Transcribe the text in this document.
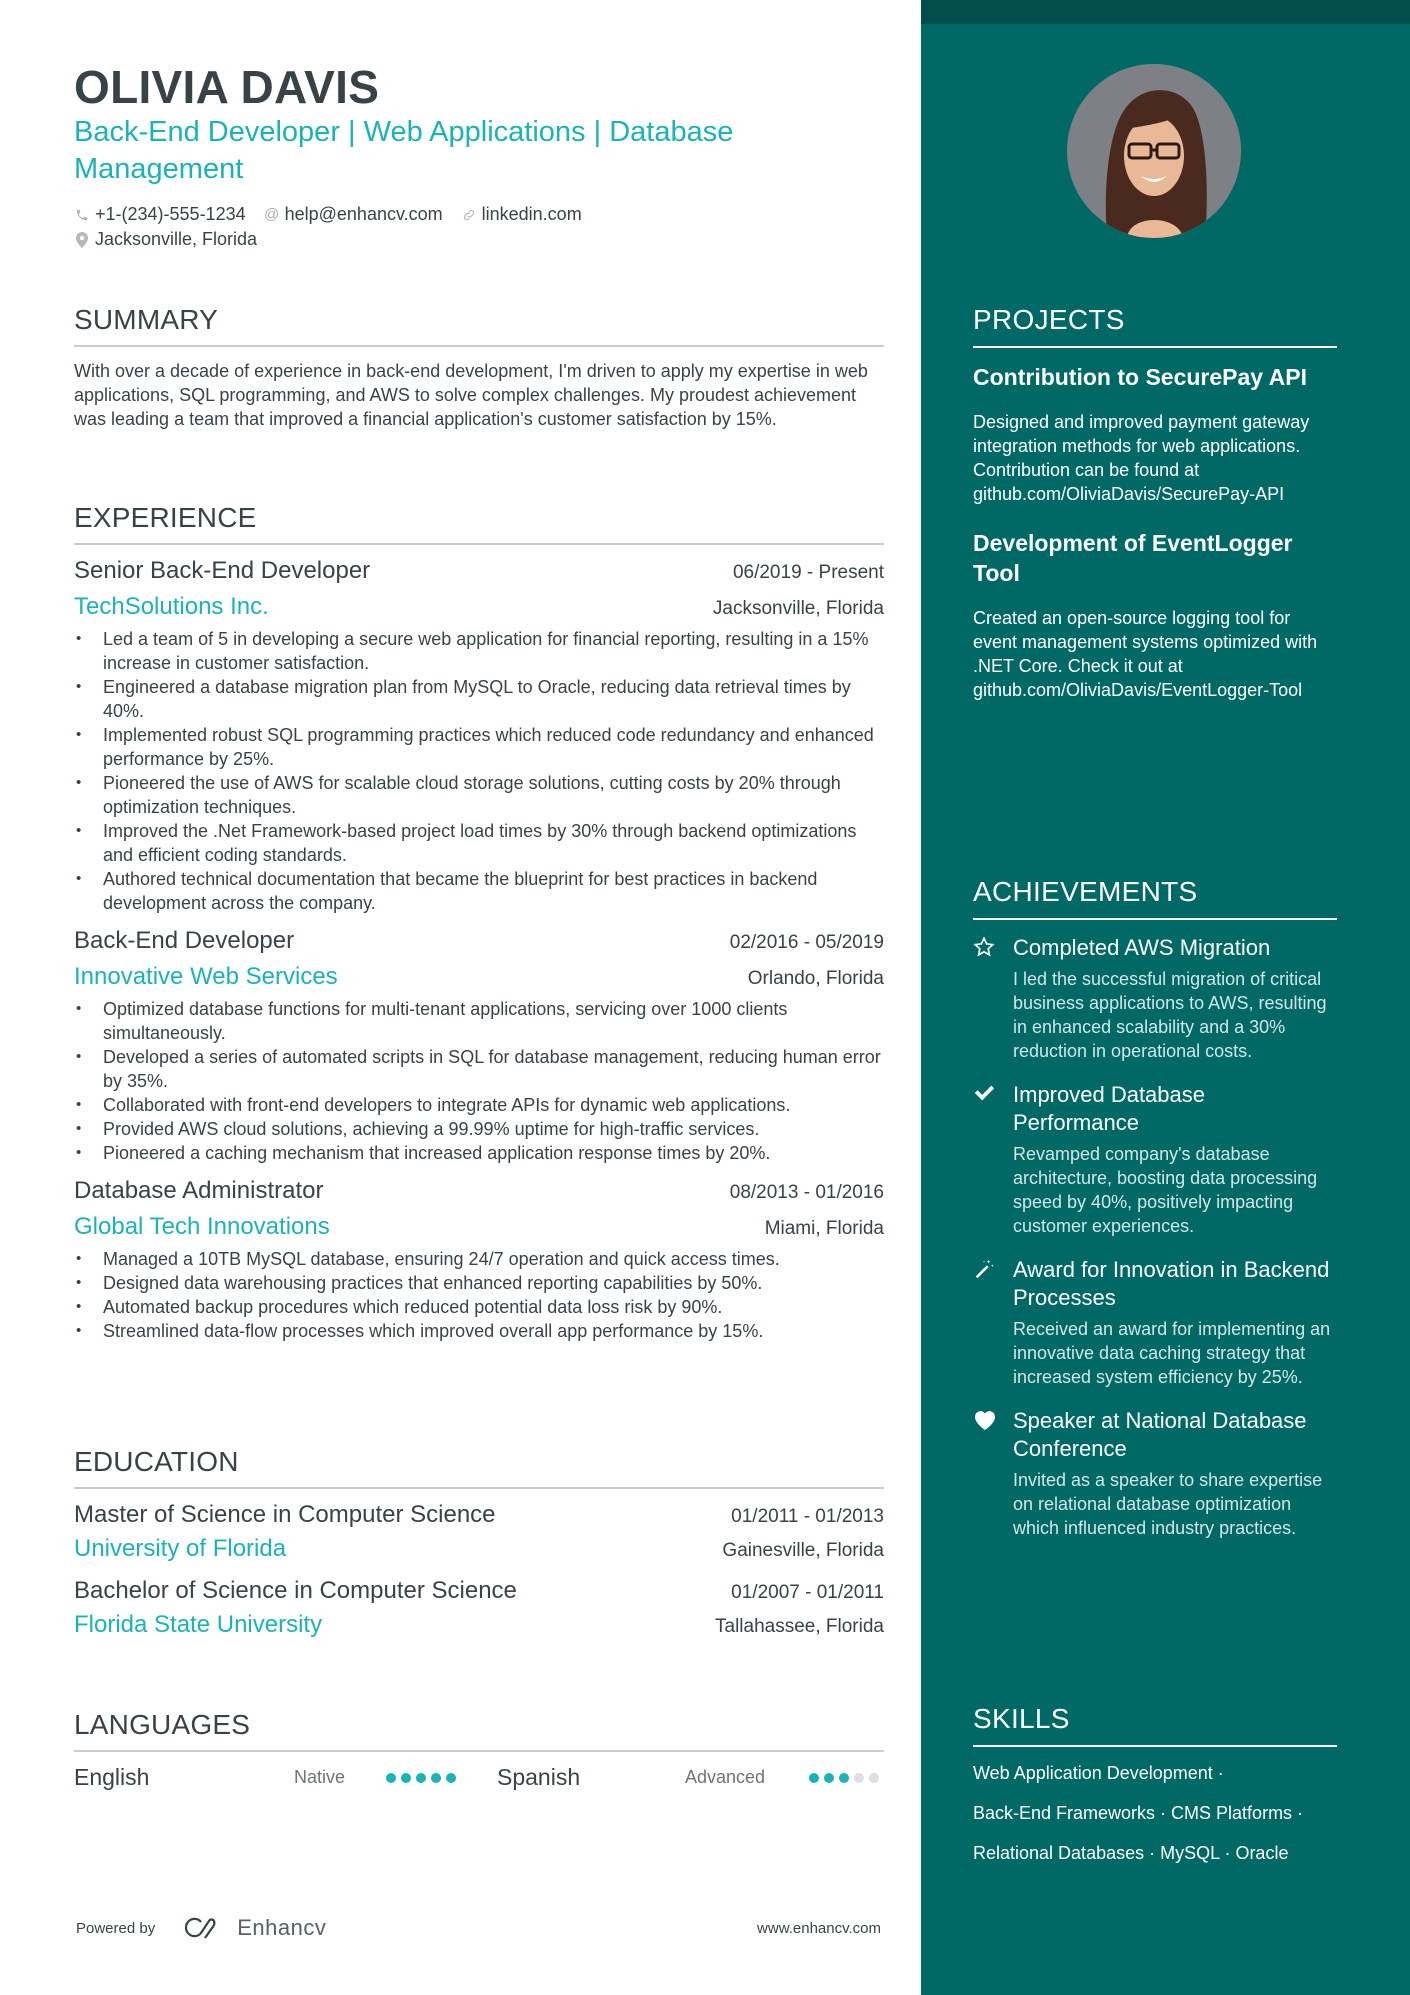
OLIVIA DAVIS
Back-End Developer | Web Applications | Database Management
+1-(234)-555-1234 @ help@enhancv.com linkedin.com
Jacksonville, Florida
SUMMARY

With over a decade of experience in back-end development, I'm driven to apply my expertise in web applications, SQL programming, and AWS to solve complex challenges. My proudest achievement was leading a team that improved a financial application's customer satisfaction by 15%.

EXPERIENCE
Senior Back-End Developer	06/2019 - Present
TechSolutions Inc.	Jacksonville, Florida
• Led a team of 5 in developing a secure web application for financial reporting, resulting in a 15% increase in customer satisfaction.
• Engineered a database migration plan from MySQL to Oracle, reducing data retrieval times by 40%.
• Implemented robust SQL programming practices which reduced code redundancy and enhanced performance by 25%.
• Pioneered the use of AWS for scalable cloud storage solutions, cutting costs by 20% through optimization techniques.
• Improved the .Net Framework-based project load times by 30% through backend optimizations and efficient coding standards.
• Authored technical documentation that became the blueprint for best practices in backend development across the company.
Back-End Developer	02/2016 - 05/2019
Innovative Web Services	Orlando, Florida
• Optimized database functions for multi-tenant applications, servicing over 1000 clients simultaneously.
• Developed a series of automated scripts in SQL for database management, reducing human error by 35%.
• Collaborated with front-end developers to integrate APIs for dynamic web applications.
• Provided AWS cloud solutions, achieving a 99.99% uptime for high-traffic services.
• Pioneered a caching mechanism that increased application response times by 20%.
Database Administrator	08/2013 - 01/2016
Global Tech Innovations	Miami, Florida
• Managed a 10TB MySQL database, ensuring 24/7 operation and quick access times.
• Designed data warehousing practices that enhanced reporting capabilities by 50%.
• Automated backup procedures which reduced potential data loss risk by 90%.
• Streamlined data-flow processes which improved overall app performance by 15%.
EDUCATION
Master of Science in Computer Science	01/2011 - 01/2013
University of Florida	Gainesville, Florida
Bachelor of Science in Computer Science	01/2007 - 01/2011
Florida State University	Tallahassee, Florida
LANGUAGES
English	Native	Spanish	Advanced
Powered by	Enhancv	www.enhancv.com
PROJECTS
Contribution to SecurePay API
Designed and improved payment gateway integration methods for web applications. Contribution can be found at github.com/OliviaDavis/SecurePay-API
Development of EventLogger Tool
Created an open-source logging tool for event management systems optimized with .NET Core. Check it out at github.com/OliviaDavis/EventLogger-Tool
ACHIEVEMENTS
Completed AWS Migration
I led the successful migration of critical business applications to AWS, resulting in enhanced scalability and a 30% reduction in operational costs.
Improved Database Performance
Revamped company's database architecture, boosting data processing speed by 40%, positively impacting customer experiences.
Award for Innovation in Backend Processes
Received an award for implementing an innovative data caching strategy that increased system efficiency by 25%.
Speaker at National Database Conference
Invited as a speaker to share expertise on relational database optimization which influenced industry practices.
SKILLS
Web Application Development ·
Back-End Frameworks · CMS Platforms ·
Relational Databases · MySQL · Oracle
